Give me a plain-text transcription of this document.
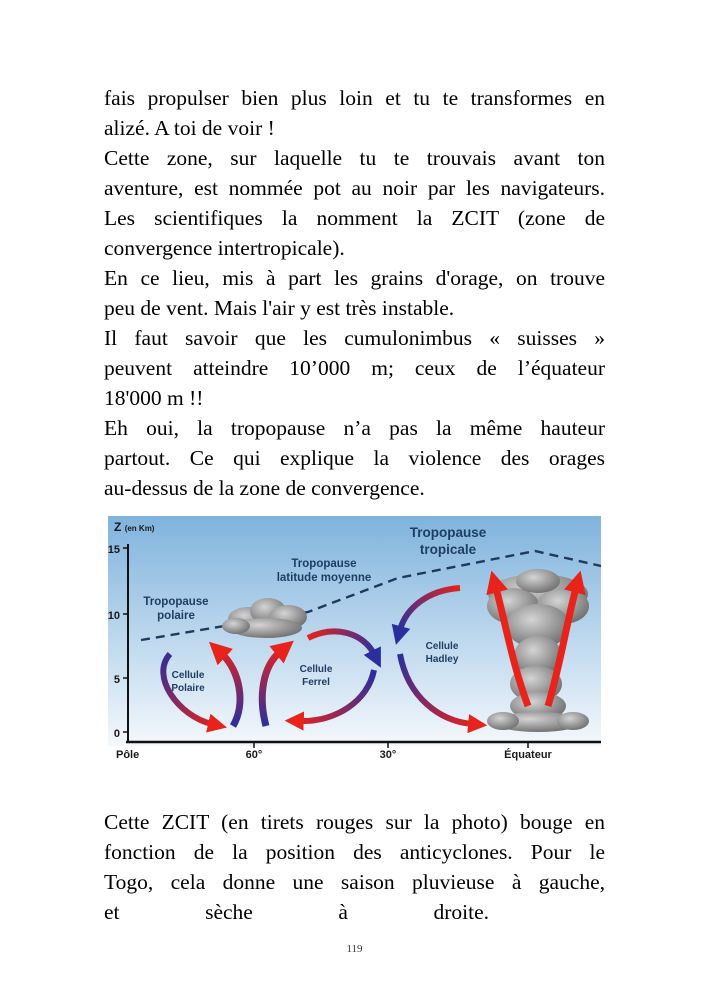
fais propulser bien plus loin et tu te transformes en

alizé. A toi de voir !

Cette zone, sur laquelle tu te trouvais avant ton

aventure, est nommée pot au noir par les navigateurs.

Les scientifiques la nomment la ZCIT (zone de

convergence intertropicale).

En ce lieu, mis à part les grains d'orage, on trouve

peu de vent. Mais l'air y est très instable.

Il faut savoir que les cumulonimbus « suisses »

peuvent atteindre 10’000 m; ceux de l’équateur

18'000 m !!

Eh oui, la tropopause n’a pas la même hauteur

partout. Ce qui explique la violence des orages

au-dessus de la zone de convergence.

Z (en Km)
15
10
5
0
Pôle	60°	30°	Équateur
Tropopause
polaire
Tropopause
latitude moyenne
Tropopause
tropicale
Cellule
Polaire
Cellule
Ferrel
Cellule
Hadley

Cette ZCIT (en tirets rouges sur la photo) bouge en

fonction de la position des anticyclones. Pour le

Togo, cela donne une saison pluvieuse à gauche,

et sèche à droite.

119
